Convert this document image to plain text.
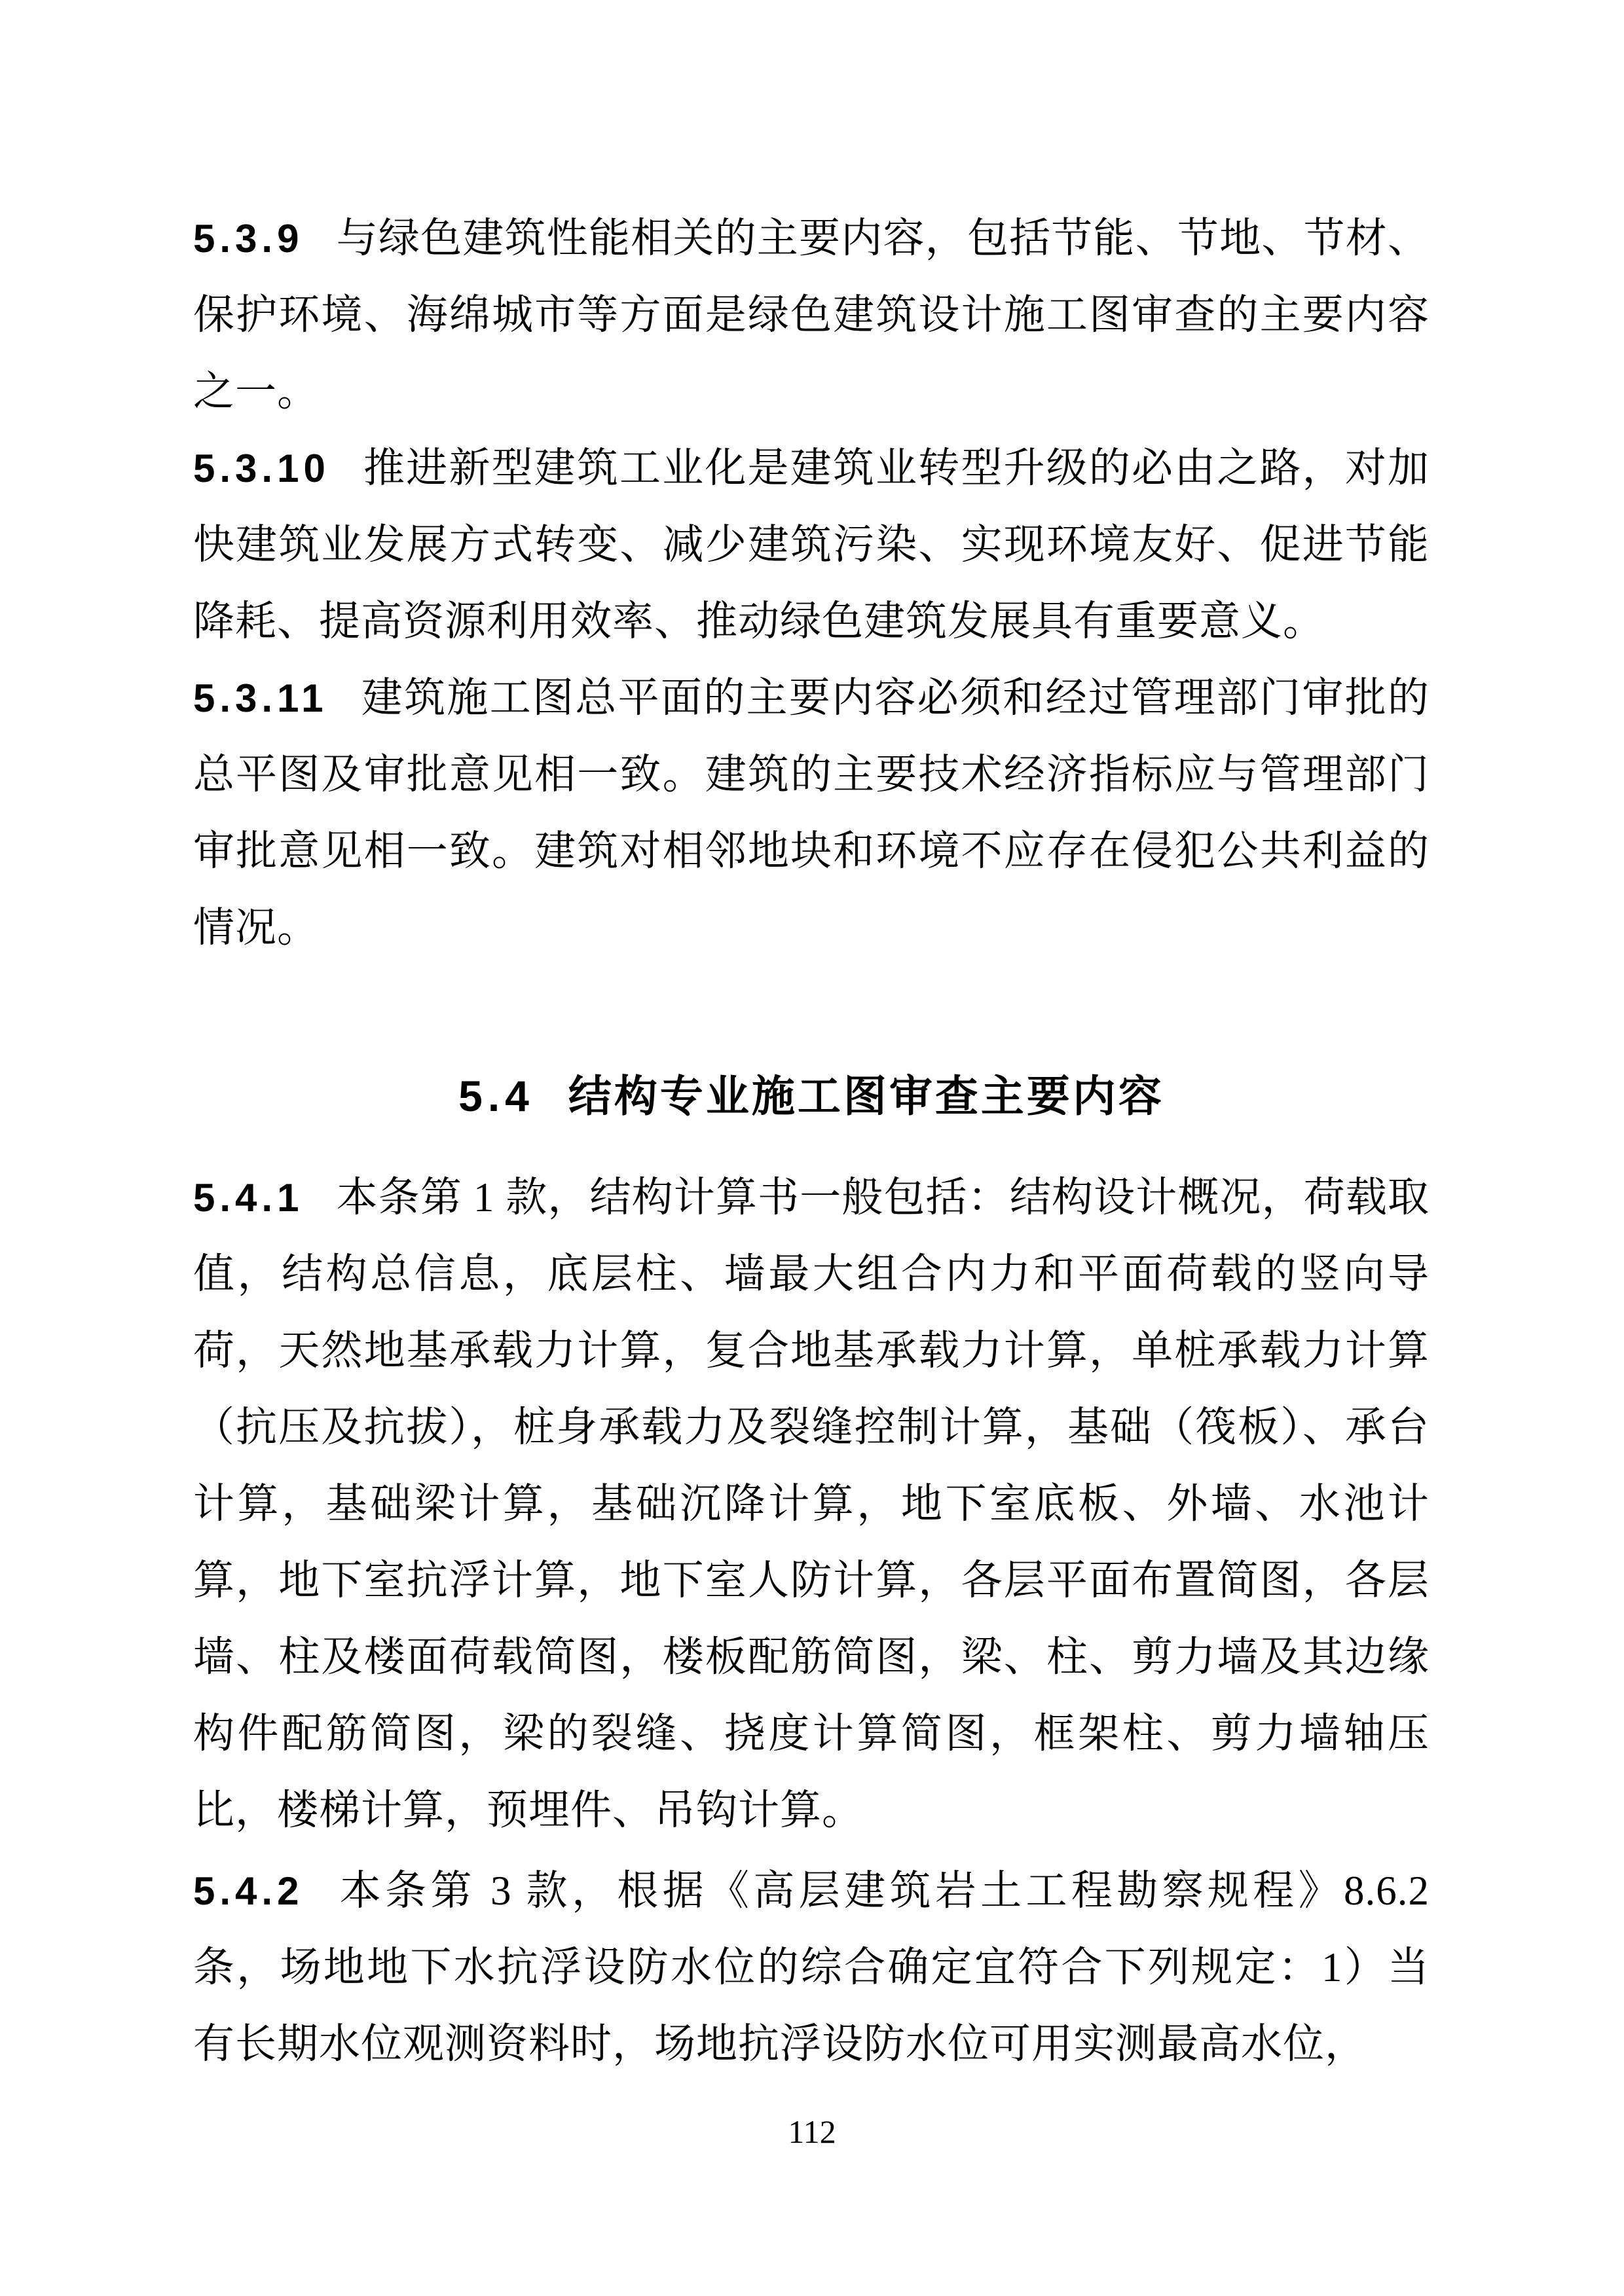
5.3.9 与绿色建筑性能相关的主要内容，包括节能、节地、节材、保护环境、海绵城市等方面是绿色建筑设计施工图审查的主要内容之一。

5.3.10 推进新型建筑工业化是建筑业转型升级的必由之路，对加快建筑业发展方式转变、减少建筑污染、实现环境友好、促进节能降耗、提高资源利用效率、推动绿色建筑发展具有重要意义。

5.3.11 建筑施工图总平面的主要内容必须和经过管理部门审批的总平图及审批意见相一致。建筑的主要技术经济指标应与管理部门审批意见相一致。建筑对相邻地块和环境不应存在侵犯公共利益的情况。

5.4 结构专业施工图审查主要内容

5.4.1 本条第 1 款，结构计算书一般包括：结构设计概况，荷载取值，结构总信息，底层柱、墙最大组合内力和平面荷载的竖向导荷，天然地基承载力计算，复合地基承载力计算，单桩承载力计算（抗压及抗拔），桩身承载力及裂缝控制计算，基础（筏板）、承台计算，基础梁计算，基础沉降计算，地下室底板、外墙、水池计算，地下室抗浮计算，地下室人防计算，各层平面布置简图，各层墙、柱及楼面荷载简图，楼板配筋简图，梁、柱、剪力墙及其边缘构件配筋简图，梁的裂缝、挠度计算简图，框架柱、剪力墙轴压比，楼梯计算，预埋件、吊钩计算。

5.4.2 本条第 3 款，根据《高层建筑岩土工程勘察规程》8.6.2 条，场地地下水抗浮设防水位的综合确定宜符合下列规定：1）当有长期水位观测资料时，场地抗浮设防水位可用实测最高水位，

112
